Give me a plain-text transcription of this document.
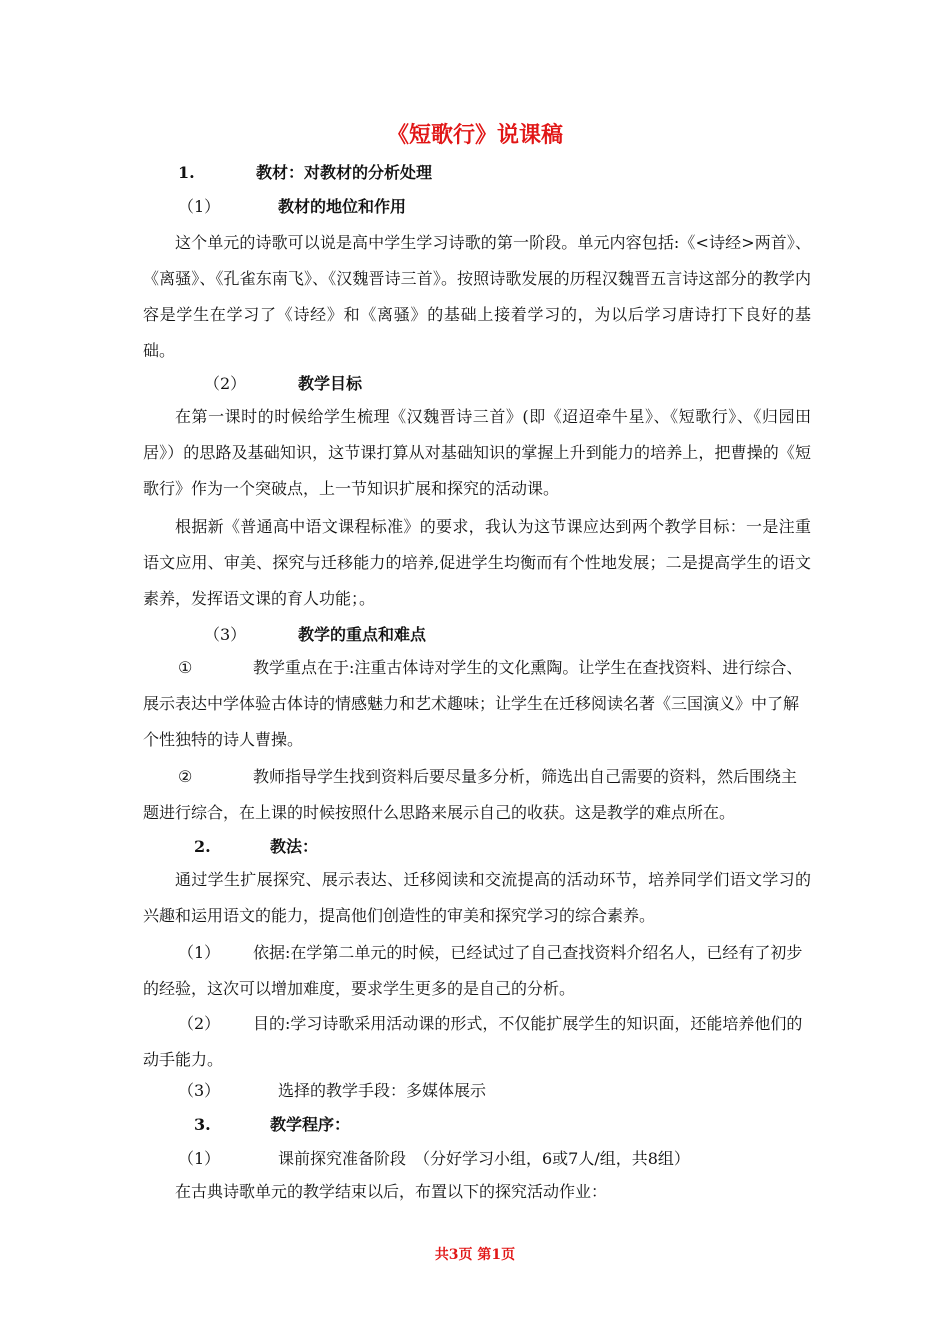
《短歌行》说课稿
1.	教材：对教材的分析处理
（1）	教材的地位和作用
这个单元的诗歌可以说是高中学生学习诗歌的第一阶段。单元内容包括:《<诗经>两首》、《离骚》、《孔雀东南飞》、《汉魏晋诗三首》。按照诗歌发展的历程汉魏晋五言诗这部分的教学内容是学生在学习了《诗经》和《离骚》的基础上接着学习的，为以后学习唐诗打下良好的基础。
（2）	教学目标
在第一课时的时候给学生梳理《汉魏晋诗三首》(即《迢迢牵牛星》、《短歌行》、《归园田居》）的思路及基础知识，这节课打算从对基础知识的掌握上升到能力的培养上，把曹操的《短歌行》作为一个突破点，上一节知识扩展和探究的活动课。
根据新《普通高中语文课程标准》的要求，我认为这节课应达到两个教学目标：一是注重语文应用、审美、探究与迁移能力的培养,促进学生均衡而有个性地发展；二是提高学生的语文素养，发挥语文课的育人功能；。
（3）	教学的重点和难点
①	教学重点在于:注重古体诗对学生的文化熏陶。让学生在查找资料、进行综合、展示表达中学体验古体诗的情感魅力和艺术趣味；让学生在迁移阅读名著《三国演义》中了解个性独特的诗人曹操。
②	教师指导学生找到资料后要尽量多分析，筛选出自己需要的资料，然后围绕主题进行综合，在上课的时候按照什么思路来展示自己的收获。这是教学的难点所在。
2.	教法：
通过学生扩展探究、展示表达、迁移阅读和交流提高的活动环节，培养同学们语文学习的兴趣和运用语文的能力，提高他们创造性的审美和探究学习的综合素养。
（1） 依据:在学第二单元的时候，已经试过了自己查找资料介绍名人，已经有了初步的经验，这次可以增加难度，要求学生更多的是自己的分析。
（2） 目的:学习诗歌采用活动课的形式，不仅能扩展学生的知识面，还能培养他们的动手能力。
（3）	选择的教学手段：多媒体展示
3.	教学程序：
（1）	课前探究准备阶段　（分好学习小组，6或7人/组，共8组）
在古典诗歌单元的教学结束以后，布置以下的探究活动作业：
共3页 第1页
